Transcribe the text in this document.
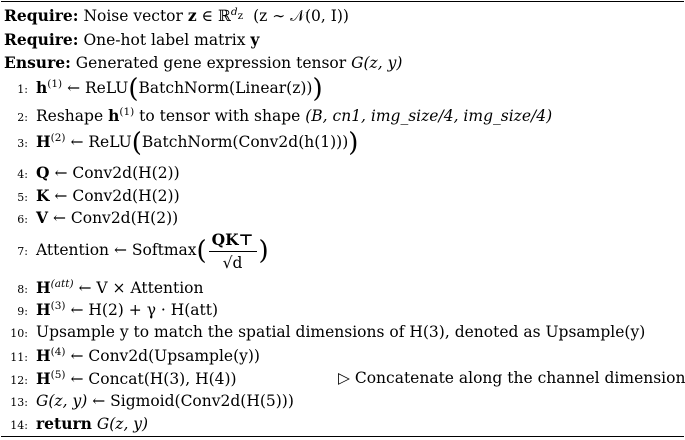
Require: Noise vector z ∈ ℝ$^{d_z}$ (z ∼ 𝒩(0, I))
Require: One-hot label matrix y
Ensure: Generated gene expression tensor G(z, y)
1: $h^{(1)}$ ← ReLU(BatchNorm(Linear(z)))
2: Reshape $h^{(1)}$ to tensor with shape (B, cn1, img_size/4, img_size/4)
3: $H^{(2)}$ ← ReLU(BatchNorm(Conv2d(h(1))))
4: Q ← Conv2d(H(2))
5: K ← Conv2d(H(2))
6: V ← Conv2d(H(2))
7: Attention ← Softmax( $\frac{QK⊤}{√d}$ )
8: $H^{(att)}$ ← V × Attention
9: $H^{(3)}$ ← H(2) + γ · H(att)
10: Upsample y to match the spatial dimensions of H(3), denoted as Upsample(y)
11: $H^{(4)}$ ← Conv2d(Upsample(y))
12: $H^{(5)}$ ← Concat(H(3), H(4))	▷ Concatenate along the channel dimension
13: G(z, y) ← Sigmoid(Conv2d(H(5)))
14: return G(z, y)
